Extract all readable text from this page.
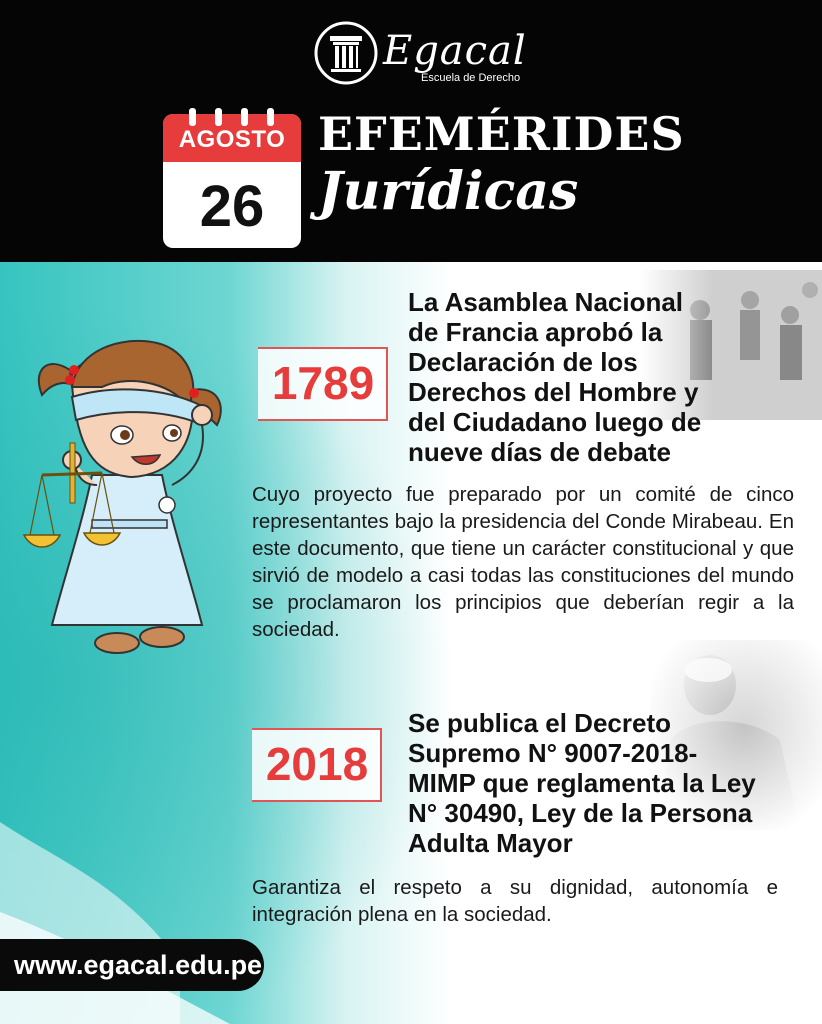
Egacal
Escuela de Derecho
AGOSTO
26
EFEMÉRIDES
Jurídicas
1789
La Asamblea Nacional
de Francia aprobó la
Declaración de los
Derechos del Hombre y
del Ciudadano luego de
nueve días de debate
Cuyo proyecto fue preparado por un comité de cinco representantes bajo la presidencia del Conde Mirabeau. En este documento, que tiene un carácter constitucional y que sirvió de modelo a casi todas las constituciones del mundo se proclamaron los principios que deberían regir a la sociedad.
2018
Se publica el Decreto
Supremo N° 9007-2018-
MIMP que reglamenta la Ley
N° 30490, Ley de la Persona
Adulta Mayor
Garantiza el respeto a su dignidad, autonomía e integración plena en la sociedad.
www.egacal.edu.pe
